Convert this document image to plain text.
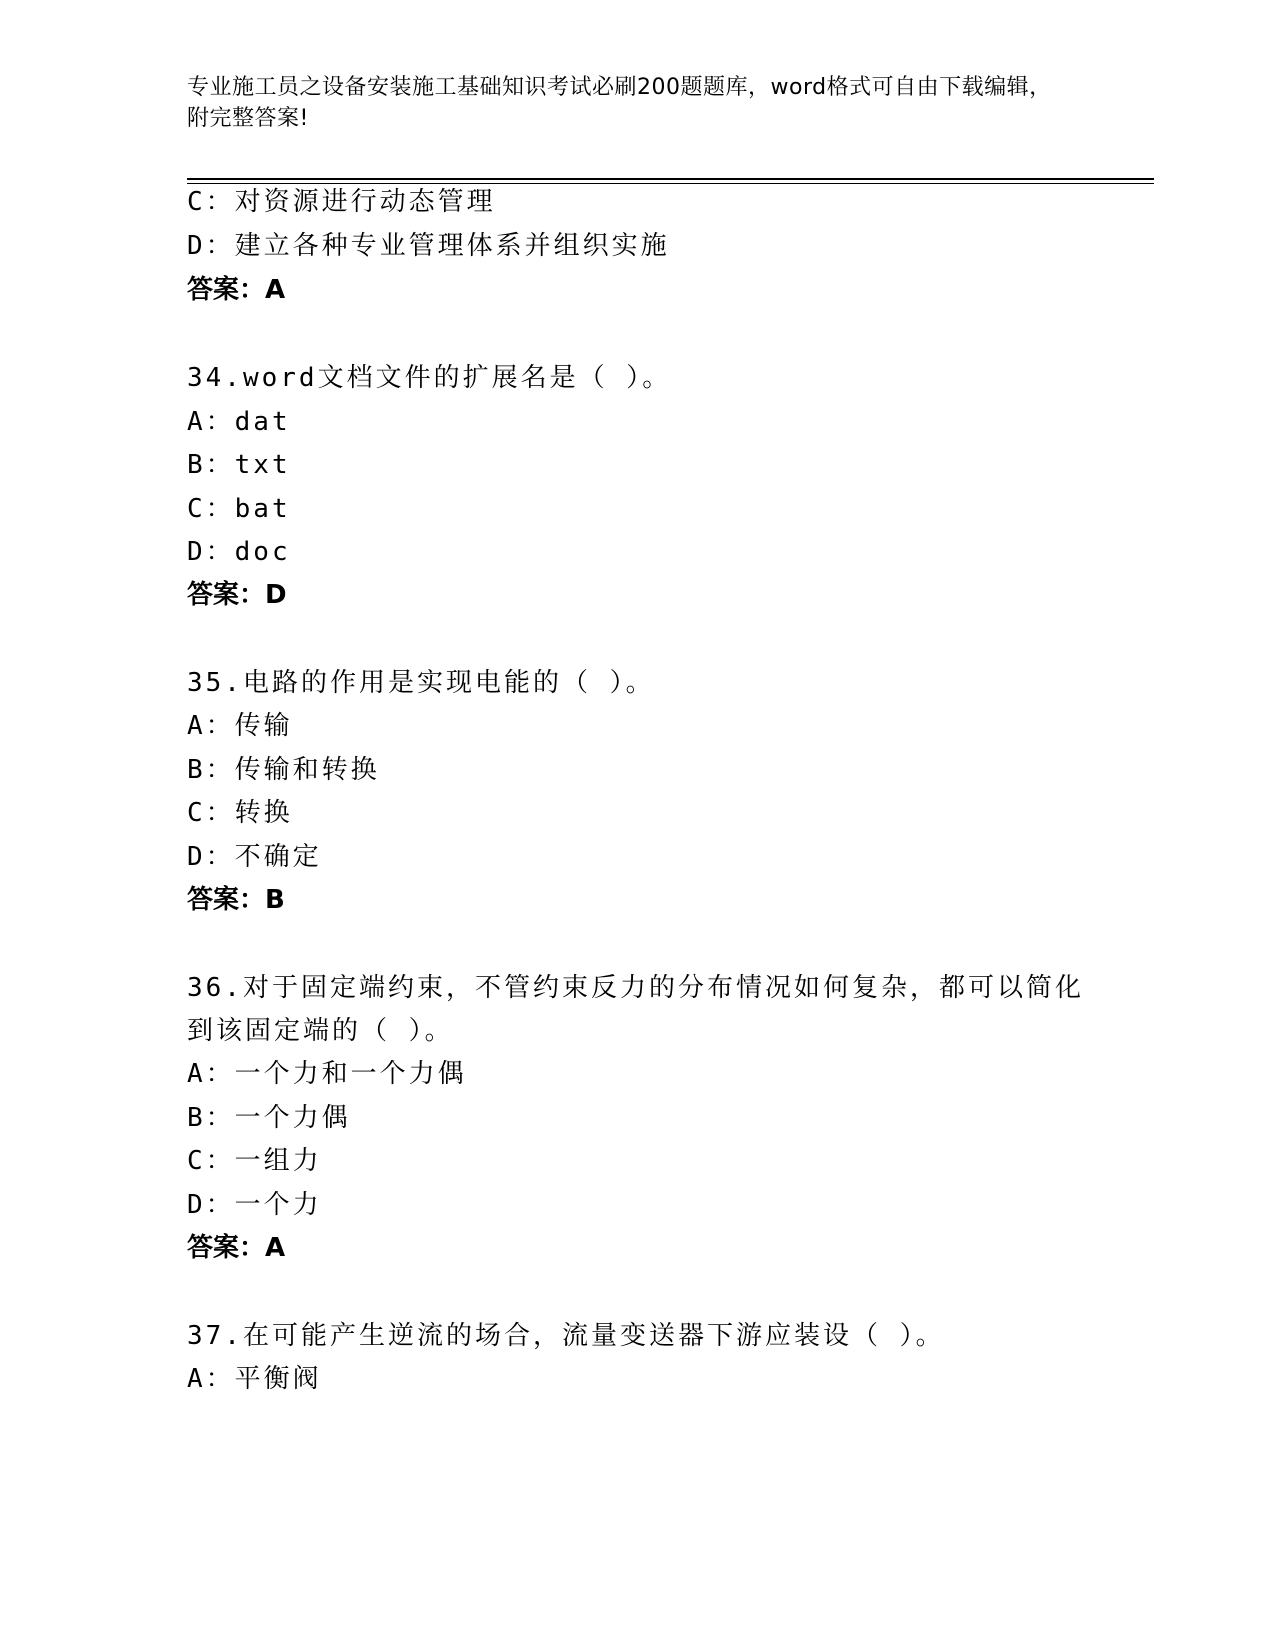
专业施工员之设备安装施工基础知识考试必刷200题题库，word格式可自由下载编辑，附完整答案!
C：对资源进行动态管理
D：建立各种专业管理体系并组织实施
答案：A
34.word文档文件的扩展名是（ ）。
A：dat
B：txt
C：bat
D：doc
答案：D
35.电路的作用是实现电能的（ ）。
A：传输
B：传输和转换
C：转换
D：不确定
答案：B
36.对于固定端约束，不管约束反力的分布情况如何复杂，都可以简化
到该固定端的（ ）。
A：一个力和一个力偶
B：一个力偶
C：一组力
D：一个力
答案：A
37.在可能产生逆流的场合，流量变送器下游应装设（ ）。
A：平衡阀
